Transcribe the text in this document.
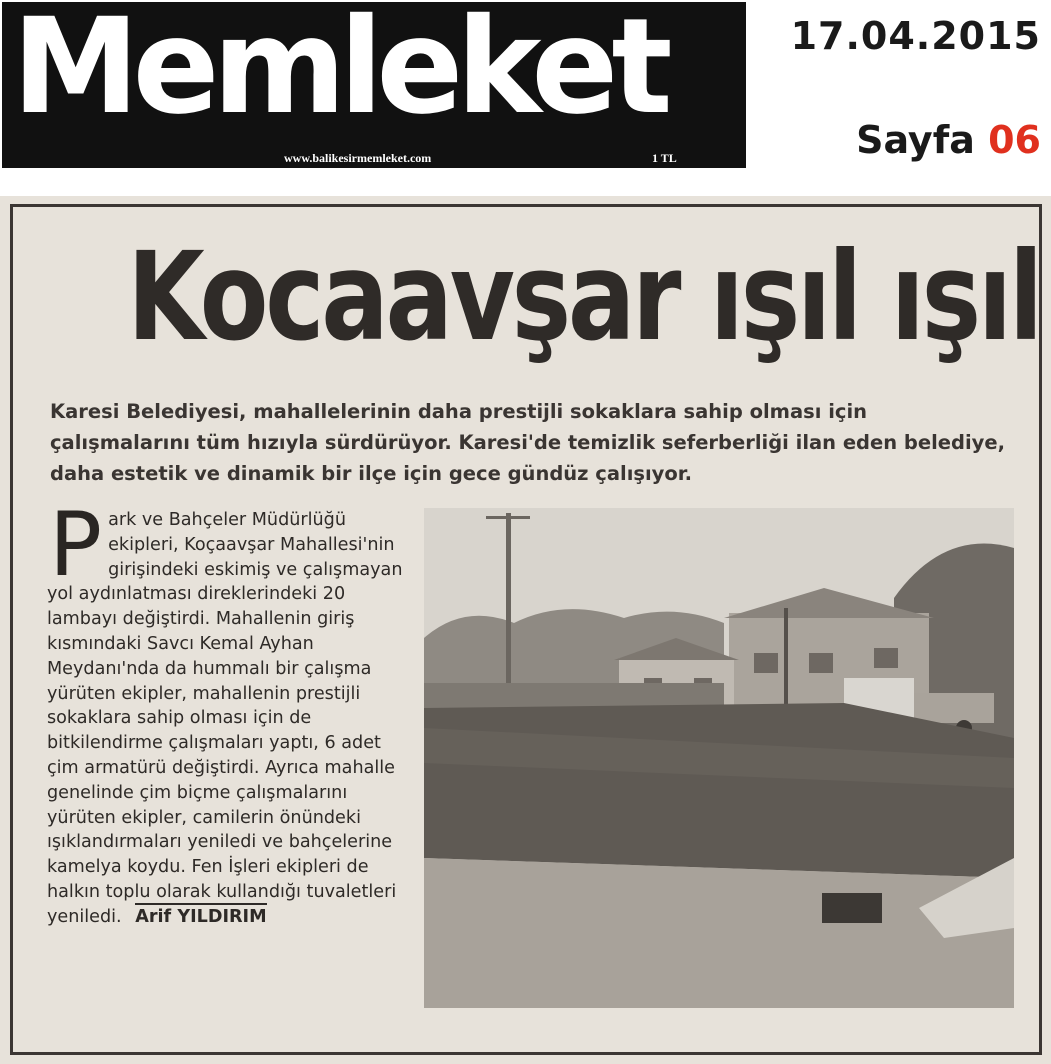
Memleket
www.balikesirmemleket.com	1 TL
17.04.2015
Sayfa 06
Kocaavşar ışıl ışıl
Karesi Belediyesi, mahallelerinin daha prestijli sokaklara sahip olması için çalışmalarını tüm hızıyla sürdürüyor. Karesi'de temizlik seferberliği ilan eden belediye, daha estetik ve dinamik bir ilçe için gece gündüz çalışıyor.
Park ve Bahçeler Müdürlüğü ekipleri, Koçaavşar Mahallesi'nin girişindeki eskimiş ve çalışmayan yol aydınlatması direklerindeki 20 lambayı değiştirdi. Mahallenin giriş kısmındaki Savcı Kemal Ayhan Meydanı'nda da hummalı bir çalışma yürüten ekipler, mahallenin prestijli sokaklara sahip olması için de bitkilendirme çalışmaları yaptı, 6 adet çim armatürü değiştirdi. Ayrıca mahalle genelinde çim biçme çalışmalarını yürüten ekipler, camilerin önündeki ışıklandırmaları yeniledi ve bahçelerine kamelya koydu. Fen İşleri ekipleri de halkın toplu olarak kullandığı tuvaletleri yeniledi. Arif YILDIRIM
